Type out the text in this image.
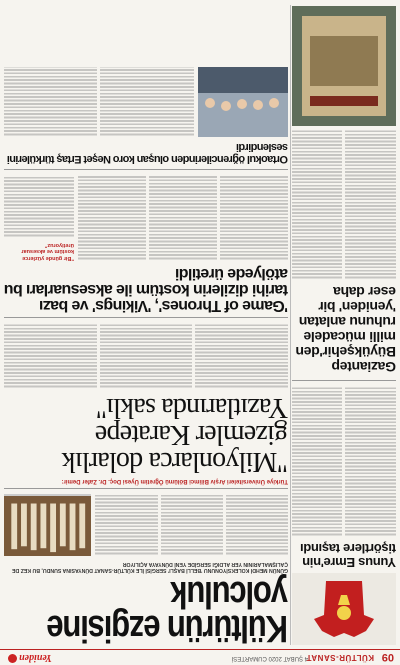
09
KÜLTÜR-SANAT
4 ŞUBAT 2020 CUMARTESİ
Yeniden
Yunus Emre'nin tişörtlere taşındı
Gaziantep Büyükşehir'den milli mücadele ruhunu anlatan 'yeniden' bir eser daha
Kültürün ezgisine yolculuk
GÜNÜN MEHDİ KOLEKSİYONUNU 'BELLİ BAŞLI' SERGİSİ İLE KÜLTÜR-SANAT DÜNYASINA SUNDU, BU KEZ DE ÇALIŞMALARININ YER ALDIĞI SERGİDE YENİ DÜNYAYA AÇILIYOR
Türkiye Üniversiteleri Arşiv Bilimci Bölümü Öğretim Üyesi Doç. Dr. Zafer Demir:
"Milyonlarca dolarlık gizemler Karatepe Yazıtlarında saklı"
'Game of Thrones', 'Vikings' ve bazı tarihi dizilerin kostüm ile aksesuarları bu atölyede üretildi
"Bir günde yüzlerce kostüm ve aksesuar üretiyoruz"
Ortaokul öğrencilerinden oluşan koro Neşet Ertaş türkülerini seslendirdi
